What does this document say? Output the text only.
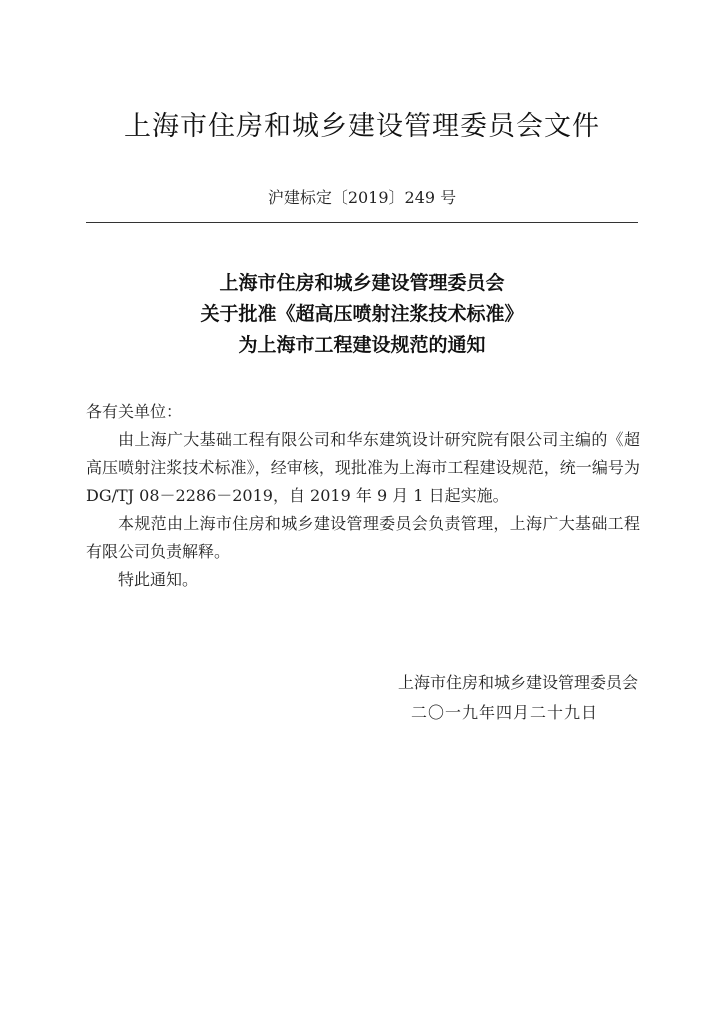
上海市住房和城乡建设管理委员会文件
沪建标定〔2019〕249 号
上海市住房和城乡建设管理委员会
关于批准《超高压喷射注浆技术标准》
为上海市工程建设规范的通知

各有关单位：

由上海广大基础工程有限公司和华东建筑设计研究院有限公司主编的《超高压喷射注浆技术标准》，经审核，现批准为上海市工程建设规范，统一编号为 DG/TJ 08－2286－2019，自 2019 年 9 月 1 日起实施。

本规范由上海市住房和城乡建设管理委员会负责管理，上海广大基础工程有限公司负责解释。

特此通知。

上海市住房和城乡建设管理委员会
二〇一九年四月二十九日
